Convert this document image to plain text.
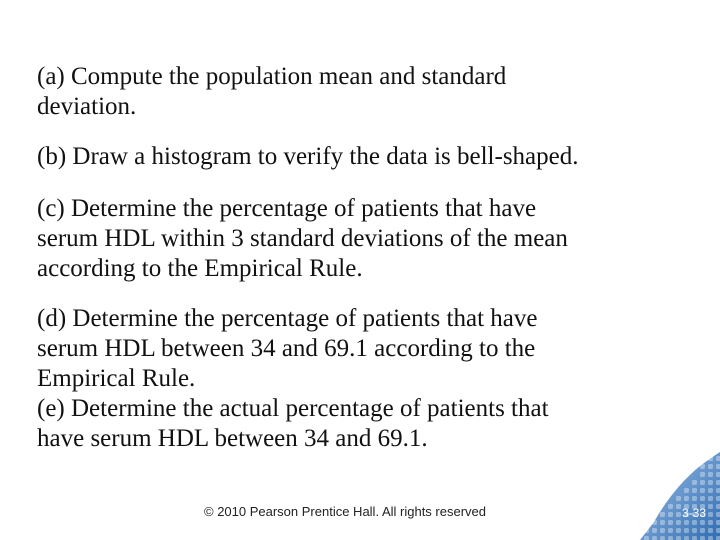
(a) Compute the population mean and standard
deviation.
(b) Draw a histogram to verify the data is bell-shaped.
(c) Determine the percentage of patients that have
serum HDL within 3 standard deviations of the mean
according to the Empirical Rule.
(d) Determine the percentage of patients that have
serum HDL between 34 and 69.1 according to the
Empirical Rule.
(e) Determine the actual percentage of patients that
have serum HDL between 34 and 69.1.
© 2010 Pearson Prentice Hall. All rights reserved	3-33
